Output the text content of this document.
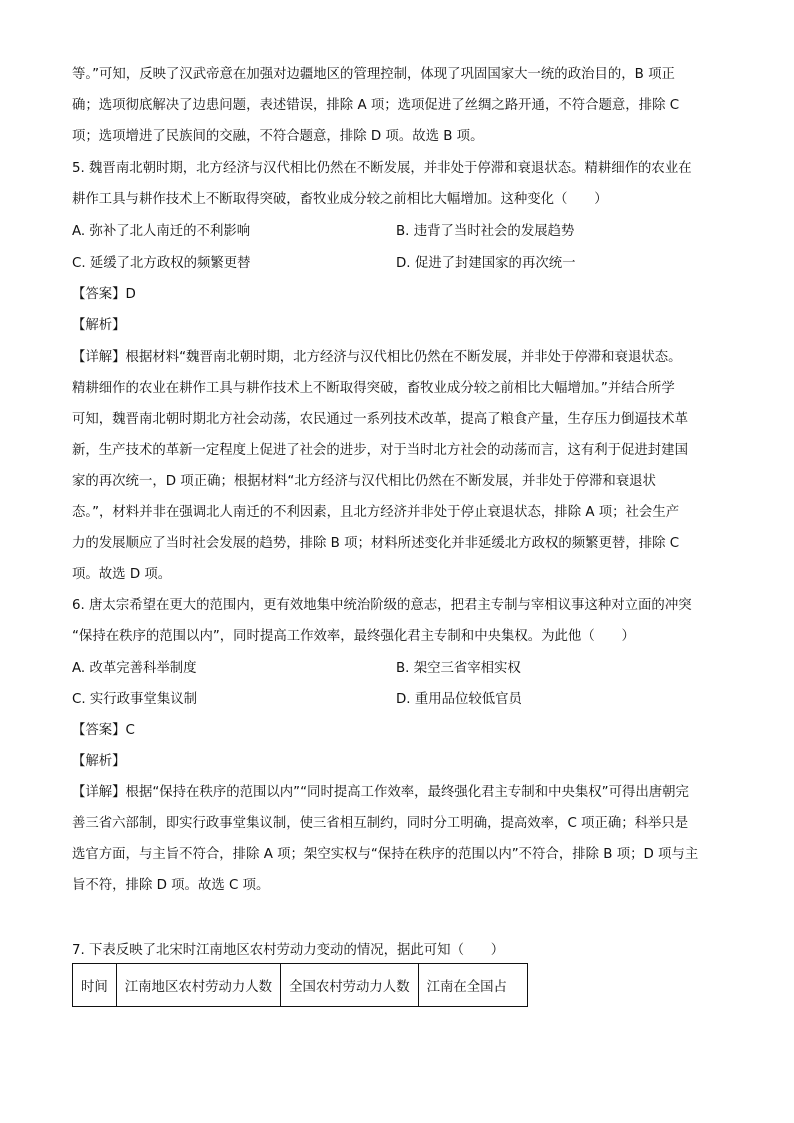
等。”可知，反映了汉武帝意在加强对边疆地区的管理控制，体现了巩固国家大一统的政治目的，B 项正
确；选项彻底解决了边患问题，表述错误，排除 A 项；选项促进了丝绸之路开通，不符合题意，排除 C
项；选项增进了民族间的交融，不符合题意，排除 D 项。故选 B 项。
5. 魏晋南北朝时期，北方经济与汉代相比仍然在不断发展，并非处于停滞和衰退状态。精耕细作的农业在
耕作工具与耕作技术上不断取得突破，畜牧业成分较之前相比大幅增加。这种变化（　　）
A. 弥补了北人南迁的不利影响	B. 违背了当时社会的发展趋势
C. 延缓了北方政权的频繁更替	D. 促进了封建国家的再次统一
【答案】D
【解析】
【详解】根据材料“魏晋南北朝时期，北方经济与汉代相比仍然在不断发展，并非处于停滞和衰退状态。
精耕细作的农业在耕作工具与耕作技术上不断取得突破，畜牧业成分较之前相比大幅增加。”并结合所学
可知，魏晋南北朝时期北方社会动荡，农民通过一系列技术改革，提高了粮食产量，生存压力倒逼技术革
新，生产技术的革新一定程度上促进了社会的进步，对于当时北方社会的动荡而言，这有利于促进封建国
家的再次统一，D 项正确；根据材料“北方经济与汉代相比仍然在不断发展，并非处于停滞和衰退状
态。”，材料并非在强调北人南迁的不利因素，且北方经济并非处于停止衰退状态，排除 A 项；社会生产
力的发展顺应了当时社会发展的趋势，排除 B 项；材料所述变化并非延缓北方政权的频繁更替，排除 C
项。故选 D 项。
6. 唐太宗希望在更大的范围内，更有效地集中统治阶级的意志，把君主专制与宰相议事这种对立面的冲突
“保持在秩序的范围以内”，同时提高工作效率，最终强化君主专制和中央集权。为此他（　　）
A. 改革完善科举制度	B. 架空三省宰相实权
C. 实行政事堂集议制	D. 重用品位较低官员
【答案】C
【解析】
【详解】根据“保持在秩序的范围以内”“同时提高工作效率，最终强化君主专制和中央集权”可得出唐朝完
善三省六部制，即实行政事堂集议制，使三省相互制约，同时分工明确，提高效率，C 项正确；科举只是
选官方面，与主旨不符合，排除 A 项；架空实权与“保持在秩序的范围以内”不符合，排除 B 项；D 项与主
旨不符，排除 D 项。故选 C 项。
7. 下表反映了北宋时江南地区农村劳动力变动的情况，据此可知（　　）
时间	江南地区农村劳动力人数	全国农村劳动力人数	江南在全国占
